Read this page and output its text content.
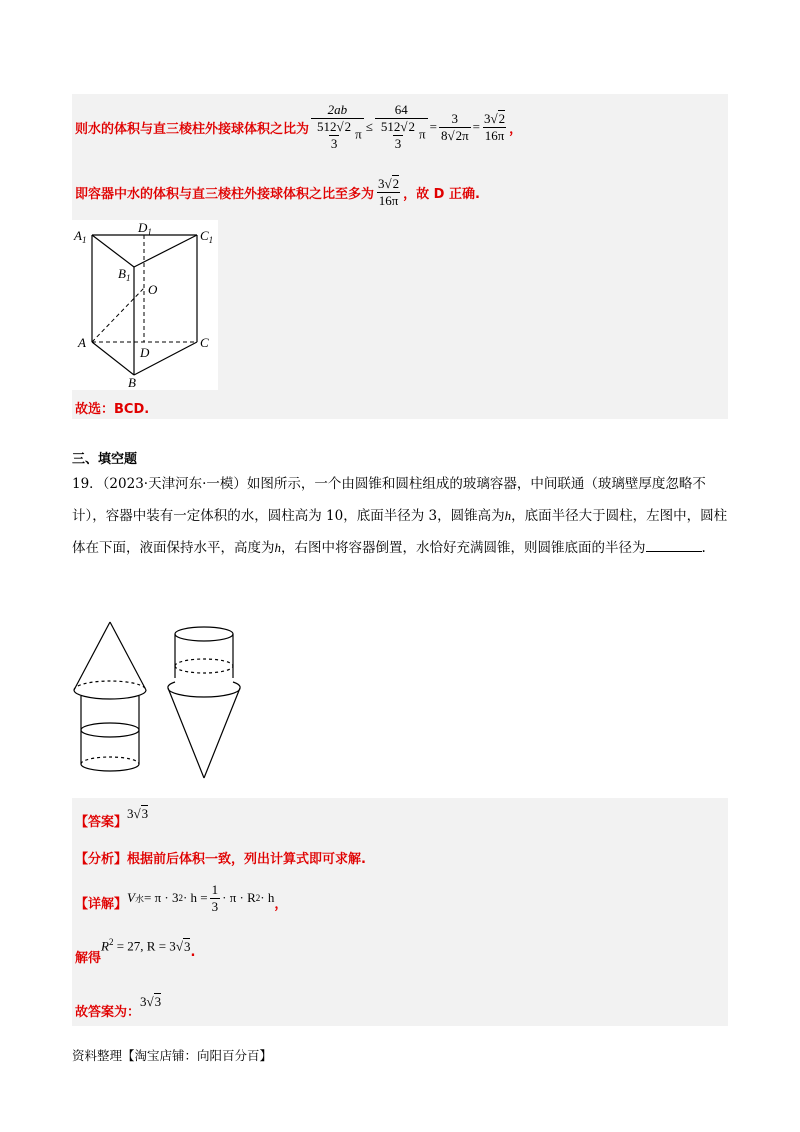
则水的体积与直三棱柱外接球体积之比为 $\frac{2ab}{\frac{512√2}{3} \pi} \le \frac{64}{\frac{512√2}{3} \pi} = \frac{3}{8√2\pi} = \frac{3√2}{16\pi}$ ，
即容器中水的体积与直三棱柱外接球体积之比至多为 $\frac{3√2}{16\pi}$ ，故 D 正确.
$A_1$
$D_1$	$C_1$
$B_1$
O
A
D
C
B
故选：BCD.
三、填空题
19．（2023·天津河东·一模）如图所示，一个由圆锥和圆柱组成的玻璃容器，中间联通（玻璃壁厚度忽略不计），容器中装有一定体积的水，圆柱高为 10，底面半径为 3，圆锥高为h，底面半径大于圆柱，左图中，圆柱体在下面，液面保持水平，高度为h，右图中将容器倒置，水恰好充满圆锥，则圆锥底面的半径为	.
【答案】
3√3
【分析】 根据前后体积一致，列出计算式即可求解.
【详解】 V 水 = π · 3 $2 \cdot h = \frac{1}{3} \cdot \pi \cdot R$ 2 · h ，
解得
$R^2 = 27$, R = 3√3 .
故答案为：
3√3
资料整理【淘宝店铺：向阳百分百】
